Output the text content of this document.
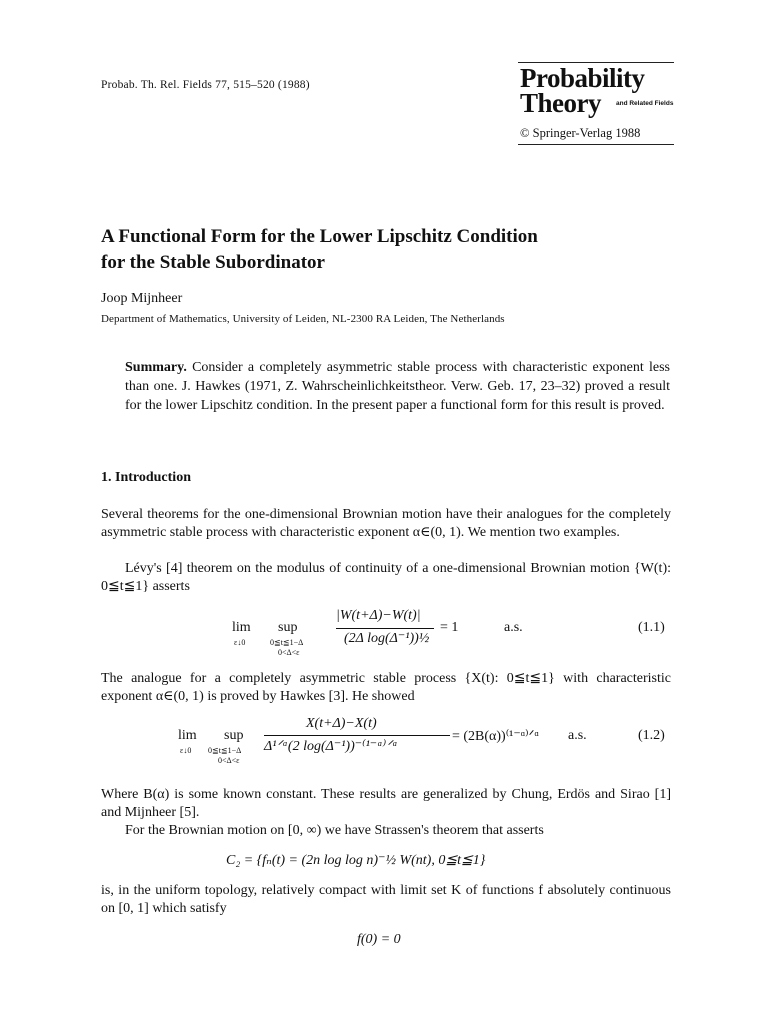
Probab. Th. Rel. Fields 77, 515–520 (1988)	Probability
Theory and Related Fields
© Springer-Verlag 1988
A Functional Form for the Lower Lipschitz Condition
for the Stable Subordinator
Joop Mijnheer
Department of Mathematics, University of Leiden, NL-2300 RA Leiden, The Netherlands
Summary. Consider a completely asymmetric stable process with characteristic exponent less than one. J. Hawkes (1971, Z. Wahrscheinlichkeitstheor. Verw. Geb. 17, 23–32) proved a result for the lower Lipschitz condition. In the present paper a functional form for this result is proved.
1. Introduction
Several theorems for the one-dimensional Brownian motion have their analogues for the completely asymmetric stable process with characteristic exponent α∈(0, 1). We mention two examples.
Lévy's [4] theorem on the modulus of continuity of a one-dimensional Brownian motion {W(t): 0≦t≦1} asserts
lim
ε↓0
sup
0≦t≦1−Δ
0<Δ<ε
|W(t+Δ)−W(t)|
(2Δ log(Δ⁻¹))½
= 1	a.s.	(1.1)
The analogue for a completely asymmetric stable process {X(t): 0≦t≦1} with characteristic exponent α∈(0, 1) is proved by Hawkes [3]. He showed
lim
ε↓0
sup
0≦t≦1−Δ
0<Δ<ε
X(t+Δ)−X(t)
Δ¹ᐟᵅ(2 log(Δ⁻¹))⁻⁽¹⁻ᵅ⁾ᐟᵅ
= (2B(α))⁽¹⁻ᵅ⁾ᐟᵅ a.s.	(1.2)
Where B(α) is some known constant. These results are generalized by Chung, Erdös and Sirao [1] and Mijnheer [5].
For the Brownian motion on [0, ∞) we have Strassen's theorem that asserts
C₂ = {fₙ(t) = (2n log log n)⁻½ W(nt), 0≦t≦1}
is, in the uniform topology, relatively compact with limit set K of functions f absolutely continuous on [0, 1] which satisfy
f(0) = 0
